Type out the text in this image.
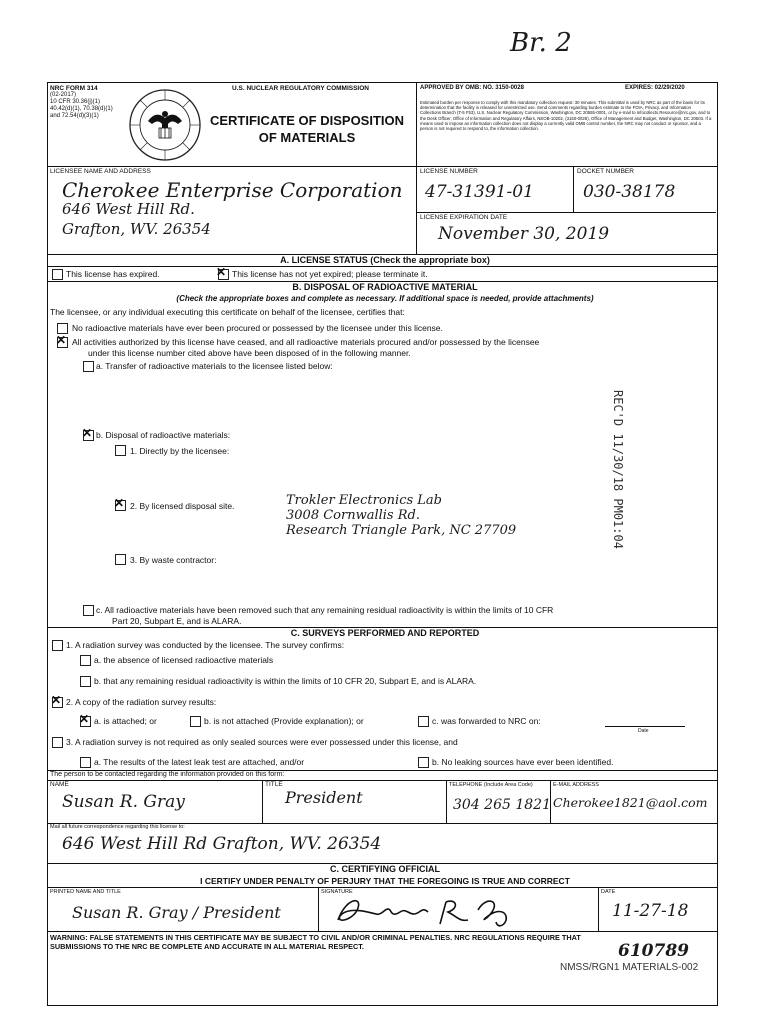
Br. 2
NRC FORM 314
(02-2017)
10 CFR 30.36(j)(1)
40.42(d)(1), 70.38(d)(1)
and 72.54(d)(3)(1)
U.S. NUCLEAR REGULATORY COMMISSION
CERTIFICATE OF DISPOSITION
OF MATERIALS
APPROVED BY OMB: NO. 3150-0028	EXPIRES: 02/29/2020
Estimated burden per response to comply with this mandatory collection request: 30 minutes. This submittal is used by NRC as part of the basis for its determination that the facility is released for unrestricted use. Send comments regarding burden estimate to the FOIA, Privacy, and Information Collections Branch (T-5 F53), U.S. Nuclear Regulatory Commission, Washington, DC 20555-0001, or by e-mail to Infocollects.Resource@nrc.gov, and to the Desk Officer, Office of Information and Regulatory Affairs, NEOB-10202, (3150-0028), Office of Management and Budget, Washington, DC 20503. If a means used to impose an information collection does not display a currently valid OMB control number, the NRC may not conduct or sponsor, and a person is not required to respond to, the information collection.
LICENSEE NAME AND ADDRESS
Cherokee Enterprise Corporation
646 West Hill Rd.
Grafton, WV. 26354
LICENSE NUMBER
47-31391-01
DOCKET NUMBER
030-38178
LICENSE EXPIRATION DATE
November 30, 2019
A. LICENSE STATUS (Check the appropriate box)
This license has expired.	✕ This license has not yet expired; please terminate it.
B. DISPOSAL OF RADIOACTIVE MATERIAL
(Check the appropriate boxes and complete as necessary. If additional space is needed, provide attachments)
The licensee, or any individual executing this certificate on behalf of the licensee, certifies that:
No radioactive materials have ever been procured or possessed by the licensee under this license.
✕ All activities authorized by this license have ceased, and all radioactive materials procured and/or possessed by the licensee
under this license number cited above have been disposed of in the following manner.
a. Transfer of radioactive materials to the licensee listed below:
✕ b. Disposal of radioactive materials:
1. Directly by the licensee:
✕ 2. By licensed disposal site.	Trokler Electronics Lab
3008 Cornwallis Rd.
Research Triangle Park, NC 27709
3. By waste contractor:
c. All radioactive materials have been removed such that any remaining residual radioactivity is within the limits of 10 CFR
Part 20, Subpart E, and is ALARA.
REC'D 11/30/18 PM01:04
C. SURVEYS PERFORMED AND REPORTED
1. A radiation survey was conducted by the licensee. The survey confirms:
a. the absence of licensed radioactive materials
b. that any remaining residual radioactivity is within the limits of 10 CFR 20, Subpart E, and is ALARA.
✕ 2. A copy of the radiation survey results:
✕ a. is attached; or	b. is not attached (Provide explanation); or	c. was forwarded to NRC on:
Date
3. A radiation survey is not required as only sealed sources were ever possessed under this license, and
a. The results of the latest leak test are attached, and/or	b. No leaking sources have ever been identified.
The person to be contacted regarding the information provided on this form:
NAME
Susan R. Gray
TITLE
President
TELEPHONE (Include Area Code)
304 265 1821
E-MAIL ADDRESS
Cherokee1821@aol.com
Mail all future correspondence regarding this license to:
646 West Hill Rd Grafton, WV. 26354
C. CERTIFYING OFFICIAL
I CERTIFY UNDER PENALTY OF PERJURY THAT THE FOREGOING IS TRUE AND CORRECT
PRINTED NAME AND TITLE
Susan R. Gray / President
SIGNATURE	DATE
11-27-18
WARNING: FALSE STATEMENTS IN THIS CERTIFICATE MAY BE SUBJECT TO CIVIL AND/OR CRIMINAL PENALTIES. NRC REGULATIONS REQUIRE THAT
SUBMISSIONS TO THE NRC BE COMPLETE AND ACCURATE IN ALL MATERIAL RESPECT.	610789
NMSS/RGN1 MATERIALS-002
